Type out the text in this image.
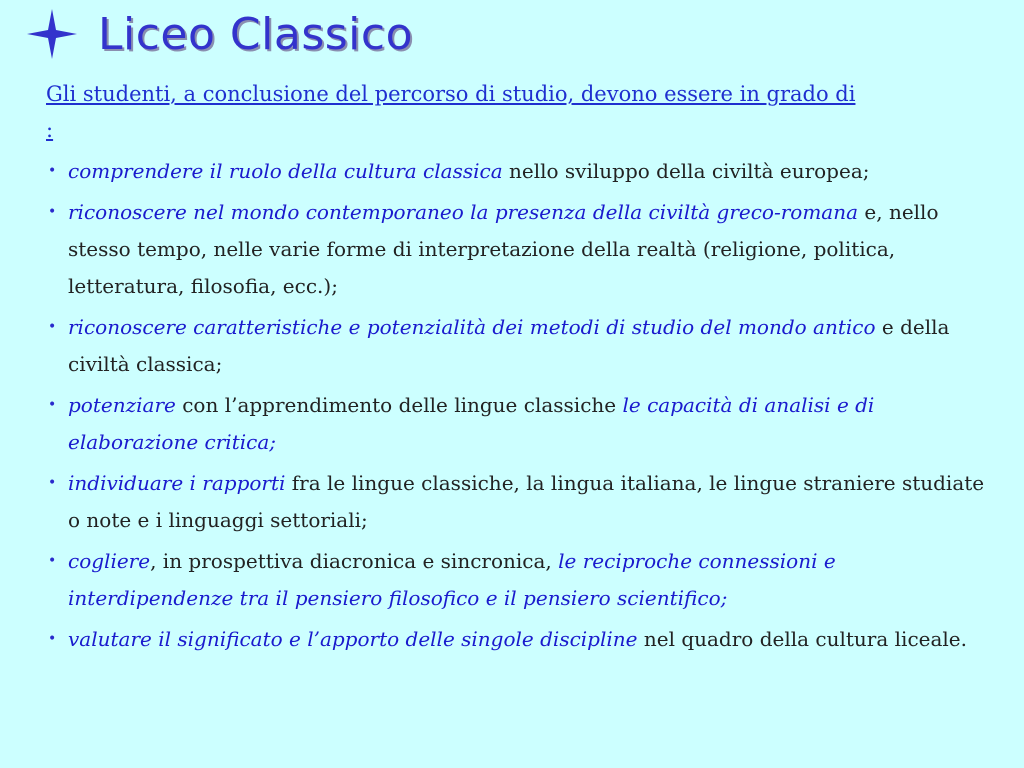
Liceo Classico
Gli studenti, a conclusione del percorso di studio, devono essere in grado di :
• comprendere il ruolo della cultura classica nello sviluppo della civiltà europea;
• riconoscere nel mondo contemporaneo la presenza della civiltà greco-romana e, nello stesso tempo, nelle varie forme di interpretazione della realtà (religione, politica, letteratura, filosofia, ecc.);
• riconoscere caratteristiche e potenzialità dei metodi di studio del mondo antico e della civiltà classica;
• potenziare con l’apprendimento delle lingue classiche le capacità di analisi e di elaborazione critica;
• individuare i rapporti fra le lingue classiche, la lingua italiana, le lingue straniere studiate o note e i linguaggi settoriali;
• cogliere, in prospettiva diacronica e sincronica, le reciproche connessioni e interdipendenze tra il pensiero filosofico e il pensiero scientifico;
• valutare il significato e l’apporto delle singole discipline nel quadro della cultura liceale.
